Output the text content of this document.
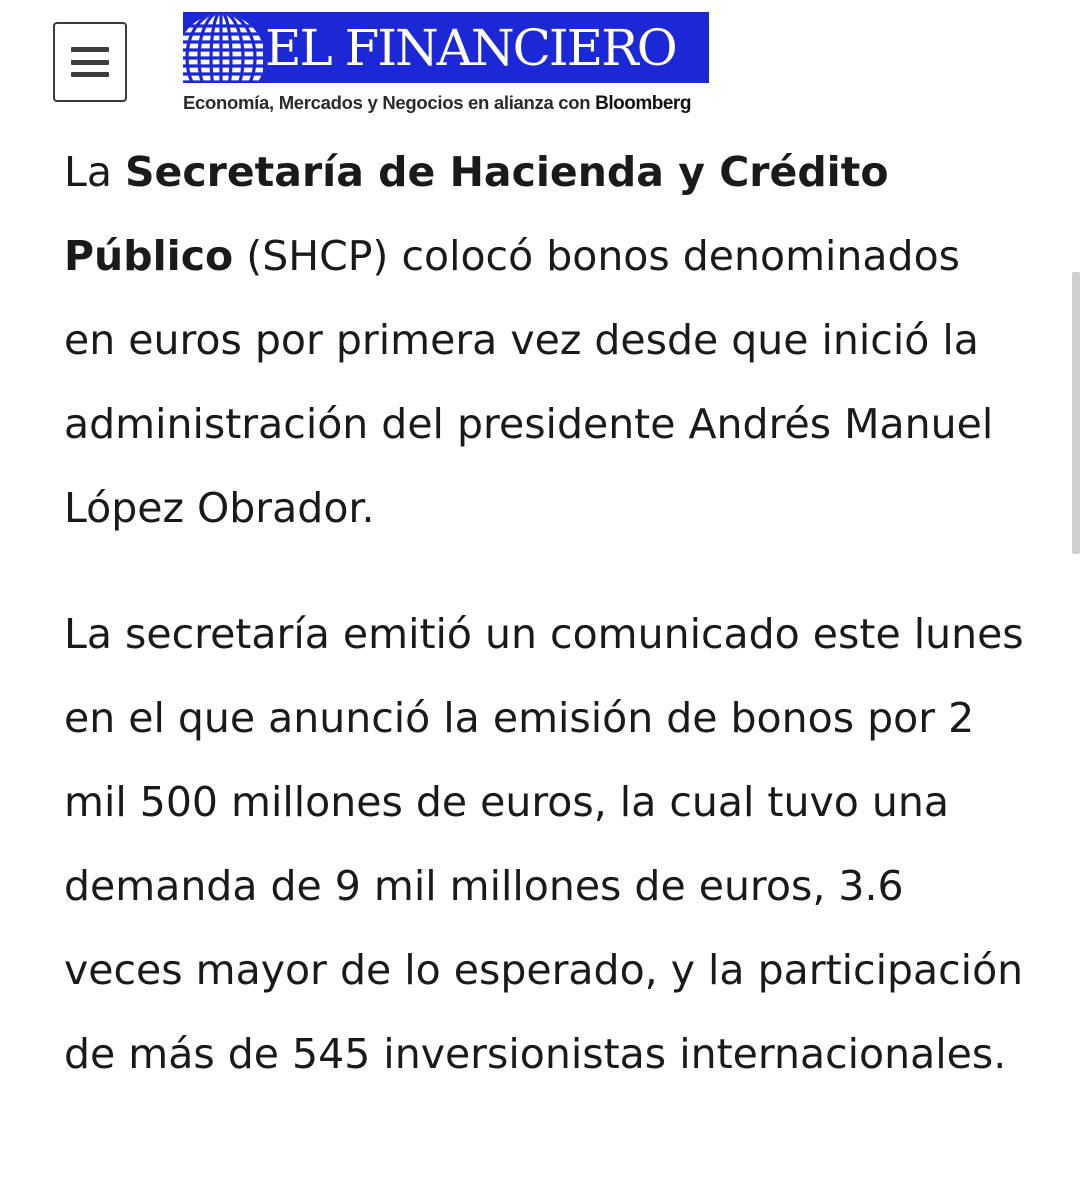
EL FINANCIERO
Economía, Mercados y Negocios en alianza con Bloomberg

La Secretaría de Hacienda y Crédito Público (SHCP) colocó bonos denominados en euros por primera vez desde que inició la administración del presidente Andrés Manuel López Obrador.

La secretaría emitió un comunicado este lunes en el que anunció la emisión de bonos por 2 mil 500 millones de euros, la cual tuvo una demanda de 9 mil millones de euros, 3.6 veces mayor de lo esperado, y la participación de más de 545 inversionistas internacionales.
